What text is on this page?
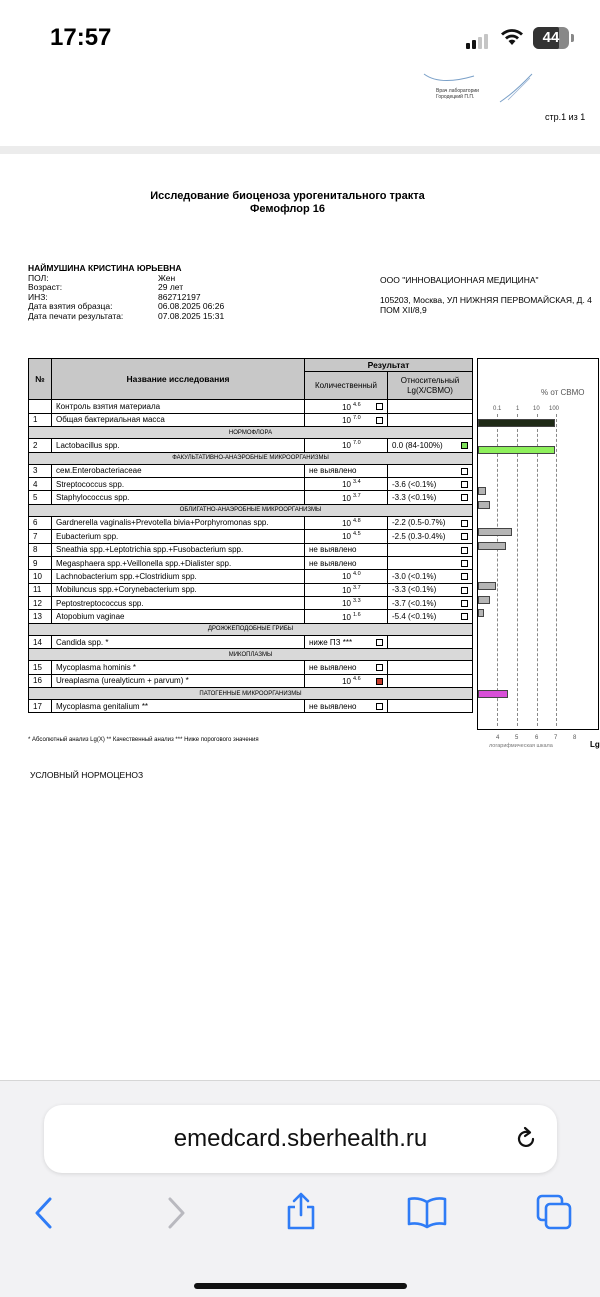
17:57	44
Врач лаборатории
Городецкий П.П.
стр.1 из 1
Исследование биоценоза урогенитального тракта
Фемофлор 16
НАЙМУШИНА КРИСТИНА ЮРЬЕВНА
ПОЛ:	Жен
Возраст:	29 лет
ИНЗ:	862712197
Дата взятия образца:	06.08.2025 06:26
Дата печати результата:	07.08.2025 15:31
ООО "ИННОВАЦИОННАЯ МЕДИЦИНА"
105203, Москва, УЛ НИЖНЯЯ ПЕРВОМАЙСКАЯ, Д. 4
ПОМ XII/8,9
№	Название исследования	Результат	
		Количественный	Относительный Lg(X/СВМО)
	Контроль взятия материала	10 $^{4.6}$

1	Общая бактериальная масса	10 $^{7.0}$

НОРМОФЛОРА			
2	Lactobacillus spp.	10 $^{7.0}$	0.0 (84-100%)

ФАКУЛЬТАТИВНО-АНАЭРОБНЫЕ МИКРООРГАНИЗМЫ			
3	сем.Enterobacteriaceae	не выявлено	

4	Streptococcus spp.	10 $^{3.4}$	-3.6 (<0.1%)

5	Staphylococcus spp.	10 $^{3.7}$	-3.3 (<0.1%)

ОБЛИГАТНО-АНАЭРОБНЫЕ МИКРООРГАНИЗМЫ			
6	Gardnerella vaginalis+Prevotella bivia+Porphyromonas spp.	10 $^{4.8}$	-2.2 (0.5-0.7%)

7	Eubacterium spp.	10 $^{4.5}$	-2.5 (0.3-0.4%)

8	Sneathia spp.+Leptotrichia spp.+Fusobacterium spp.	не выявлено	

9	Megasphaera spp.+Veillonella spp.+Dialister spp.	не выявлено	

10	Lachnobacterium spp.+Clostridium spp.	10 $^{4.0}$	-3.0 (<0.1%)

11	Mobiluncus spp.+Corynebacterium spp.	10 $^{3.7}$	-3.3 (<0.1%)

12	Peptostreptococcus spp.	10 $^{3.3}$	-3.7 (<0.1%)

13	Atopobium vaginae	10 $^{1.6}$	-5.4 (<0.1%)

ДРОЖЖЕПОДОБНЫЕ ГРИБЫ			
14	Candida spp. *	ниже ПЗ ***

МИКОПЛАЗМЫ			
15	Mycoplasma hominis *	не выявлено

16	Ureaplasma (urealyticum + parvum) *	10 $^{4.6}$

ПАТОГЕННЫЕ МИКРООРГАНИЗМЫ			
17	Mycoplasma genitalium **	не выявлено

% от СВМО
0.1 1 10 100
4	5	6	7	8
логарифмическая шкала	Lg
* Абсолютный анализ Lg(X) ** Качественный анализ *** Ниже порогового значения
УСЛОВНЫЙ НОРМОЦЕНОЗ
emedcard.sberhealth.ru
